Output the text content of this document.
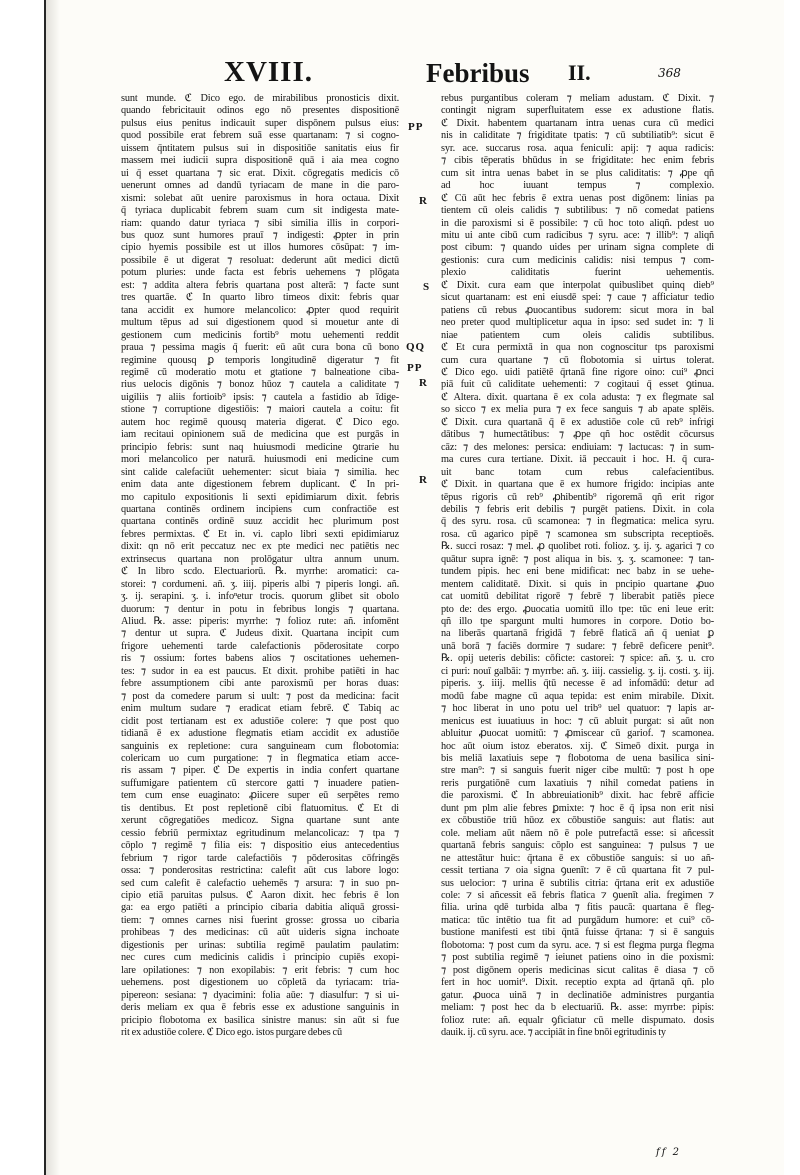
XVIII.	Febribus II.	368
sunt munde. ℭ Dico ego. de mirabilibus pronosticis dixit.
quando febricitauit odinos ego nō presentes dispositionē
pulsus eius penitus indicauit super dispōnem pulsus eius:
quod possibile erat febrem suā esse quartanam: ⁊ si cogno-
uissem q̄ntitatem pulsus sui in dispositiōe sanitatis eius fir
massem mei iudicii supra dispositionē quā i aia mea cogno
ui q̄ esset quartana ⁊ sic erat. Dixit. cōgregatis medicis cō
uenerunt omnes ad dandū tyriacam de mane in die paro-
xismi: solebat aūt uenire paroxismus in hora octaua. Dixit
q̄ tyriaca duplicabit febrem suam cum sit indigesta mate-
riam: quando datur tyriaca ⁊ sibi similia illis in corpori-
bus quoz sunt humores prauī ⁊ indigesti: ꝓpter in prin
cipio hyemis possibile est ut illos humores cōsūpat: ⁊ im-
possibile ē ut digerat ⁊ resoluat: dederunt aūt medici dictū
potum pluries: unde facta est febris uehemens ⁊ plōgata
est: ⁊ addita altera febris quartana post alterā: ⁊ facte sunt
tres quartāe. ℭ In quarto libro timeos dixit: febris quar
tana accidit ex humore melancolico: ꝓpter quod requirit
multum tēpus ad sui digestionem quod si mouetur ante di
gestionem cum medicinis fortib⁹ motu uehementi reddit
praua ⁊ pessima magis q̄ fuerit: eū aūt cura bona cū bono
regimine quousq ꝑ temporis longitudinē digeratur ⁊ fit
regimē cū moderatio motu et gtatione ⁊ balneatione ciba-
rius uelocis digōnis ⁊ bonoz hūoz ⁊ cautela a caliditate ⁊
uigiliis ⁊ aliis fortioib⁹ ipsis: ⁊ cautela a fastidio ab īdige-
stione ⁊ corruptione digestiōis: ⁊ maiori cautela a coitu: fit
autem hoc regimē quousq materia digerat. ℭ Dico ego.
iam recitaui opinionem suā de medicina que est purgās in
principio febris: sunt naq huiusmodi medicine ꝯtrarie hu
mori melancolico per naturā. huiusmodi eni medicine cum
sint calide calefaciūt uehementer: sicut biaia ⁊ similia. hec
enim data ante digestionem febrem duplicant. ℭ In pri-
mo capitulo expositionis li sexti epidimiarum dixit. febris
quartana continēs ordinem incipiens cum confractiōe est
quartana continēs ordinē suuz accidit hec plurimum post
febres permixtas. ℭ Et in. vi. caplo libri sexti epidimiaruz
dixit: qn nō erit peccatuz nec ex pte medici nec patiētis nec
extrinsecus quartana non prolōgatur ultra annum unum.
ℭ In libro scdo. Electuariorū. ℞. myrrhe: aromatici: ca-
storei: ⁊ cordumeni. añ. ʒ. iiij. piperis albi ⁊ piperis longi. añ.
ʒ. ij. serapini. ʒ. i. infoⁿetur trocis. quorum glibet sit obolo
duorum: ⁊ dentur in potu in febribus longis ⁊ quartana.
Aliud. ℞. asse: piperis: myrrhe: ⁊ folioz rute: añ. infomēnt
⁊ dentur ut supra. ℭ Judeus dixit. Quartana incipit cum
frigore uehementi tarde calefactionis pōderositate corpo
ris ⁊ ossium: fortes babens alios ⁊ oscitationes uehemen-
tes: ⁊ sudor in ea est paucus. Et dixit. prohibe patiēti in hac
febre assumptionem cibi ante paroxismū per horas duas:
⁊ post da comedere parum si uult: ⁊ post da medicina: facit
enim multum sudare ⁊ eradicat etiam febrē. ℭ Tabiq ac
cidit post tertianam est ex adustiōe colere: ⁊ que post quo
tidianā ē ex adustione flegmatis etiam accidit ex adustiōe
sanguinis ex repletione: cura sanguineam cum flobotomia:
colericam uo cum purgatione: ⁊ in flegmatica etiam acce-
ris assam ⁊ piper. ℭ De expertis in india confert quartane
suffumigare patientem cū stercore gatti ⁊ inuadere patien-
tem cum ense euaginato: ꝓiicere super eū serpētes remo
tis dentibus. Et post repletionē cibi flatuomitus. ℭ Et di
xerunt cōgregatiōes medicoz. Signa quartane sunt ante
cessio febriū permixtaz egritudinum melancolicaz: ⁊ tpa ⁊
cōplo ⁊ regimē ⁊ filia eis: ⁊ dispositio eius antecedentius
febrium ⁊ rigor tarde calefactiōis ⁊ pōderositas cōfringēs
ossa: ⁊ ponderositas restrictina: calefit aūt cus labore logo:
sed cum calefit ē calefactio uehemēs ⁊ arsura: ⁊ in suo pn-
cipio etiā paruitas pulsus. ℭ Aaron dixit. hec febris ē lon
ga: ea ergo patiēti a principio cibaria dabitia aliquā grossi-
tiem: ⁊ omnes carnes nisi fuerint grosse: grossa uo cibaria
prohibeas ⁊ des medicinas: cū aūt uideris signa inchoate
digestionis per urinas: subtilia regimē paulatim paulatim:
nec cures cum medicinis calidis i principio cupiēs exopi-
lare opilationes: ⁊ non exopilabis: ⁊ erit febris: ⁊ cum hoc
uehemens. post digestionem uo cōpletā da tyriacam: tria-
pipereon: sesiana: ⁊ dyacimini: folia aūe: ⁊ diasulfur: ⁊ si ui-
deris meliam ex qua ē febris esse ex adustione sanguinis in
pricipio flobotoma ex basilica sinistre manus: sin aūt si fue
rit ex adustiōe colere. ℭ Dico ego. istos purgare debes cū
rebus purgantibus coleram ⁊ meliam adustam. ℭ Dixit. ⁊
contingit nigram superfluitatem esse ex adustione flatis.
ℭ Dixit. habentem quartanam intra uenas cura cū medici
nis in caliditate ⁊ frigiditate tpatis: ⁊ cū subtiliatib⁹: sicut ē
syr. ace. succarus rosa. aqua feniculi: apij: ⁊ aqua radicis:
⁊ cibis tēperatis bhūdus in se frigiditate: hec enim febris
cum sit intra uenas babet in se plus caliditatis: ⁊ ꝓpe qñ
ad hoc iuuant tempus ⁊ complexio.
ℭ Cū aūt hec febris ē extra uenas post digōnem: linias pa
tientem cū oleis calidis ⁊ subtilibus: ⁊ nō comedat patiens
in die paroxismi si ē possibile: ⁊ cū hoc toto aliqñ. pdest uo
mitu ui ante cibū cum radicibus ⁊ syru. ace: ⁊ illib⁹: ⁊ aliqñ
post cibum: ⁊ quando uides per urinam signa complete di
gestionis: cura cum medicinis calidis: nisi tempus ⁊ com-
plexio caliditatis fuerint uehementis.
ℭ Dixit. cura eam que interpolat quibuslibet quinq dieb⁹
sicut quartanam: est eni eiusdē spei: ⁊ caue ⁊ afficiatur tedio
patiens cū rebus ꝓuocantibus sudorem: sicut mora in bal
neo preter quod multiplicetur aqua in ipso: sed sudet in: ⁊ li
niae patientem cum oleis calidis subtilibus.
ℭ Et cura permixtā in qua non cognoscitur tps paroxismi
cum cura quartane ⁊ cū flobotomia si uirtus tolerat.
ℭ Dico ego. uidi patiētē q̄rtanā fine rigore oino: cui⁹ ꝓnci
piā fuit cū caliditate uehementi: ⁊ cogitaui q̄ esset ꝯtinua.
ℭ Altera. dixit. quartana ē ex cola adusta: ⁊ ex flegmate sal
so sicco ⁊ ex melia pura ⁊ ex fece sanguis ⁊ ab apate splēis.
ℭ Dixit. cura quartanā q̄ ē ex adustiōe cole cū reb⁹ infrigi
dātibus ⁊ humectātibus: ⁊ ꝓpe qñ hoc ostēdit cōcursus
cāz: ⁊ des melones: persica: endiuiam: ⁊ lactucas: ⁊ in sum-
ma cures cura tertiane. Dixit. iā peccauit i hoc. H. q̄ cura-
uit banc totam cum rebus calefacientibus.
ℭ Dixit. in quartana que ē ex humore frigido: incipias ante
tēpus rigoris cū reb⁹ ꝓhibentib⁹ rigoremā qñ erit rigor
debilis ⁊ febris erit debilis ⁊ purgēt patiens. Dixit. in cola
q̄ des syru. rosa. cū scamonea: ⁊ in flegmatica: melica syru.
rosa. cū agarico pipē ⁊ scamonea sm subscripta receptioēs.
℞. succi rosaz: ⁊ mel. ꝓ quolibet roti. folioz. ʒ. ij. ʒ. agarici ⁊ co
quātur supra ignē: ⁊ post aliqua in bis. ʒ. ʒ. scamonee: ⁊ tan-
tundem pipis. hec eni bene midificat: nec babz in se uehe-
mentem caliditatē. Dixit. si quis in pncipio quartane ꝓuo
cat uomitū debilitat rigorē ⁊ febrē ⁊ liberabit patiēs piece
pto de: des ergo. ꝓuocatia uomitū illo tpe: tūc eni leue erit:
qñ illo tpe spargunt multi humores in corpore. Dotio bo-
na liberās quartanā frigidā ⁊ febrē flaticā añ q̄ ueniat ꝑ
unā borā ⁊ faciēs dormire ⁊ sudare: ⁊ febrē deficere penit⁹.
℞. opij ueteris debilis: cōficte: castorei: ⁊ spice: añ. ʒ. u. cro
ci puri: nouī galbāi: ⁊ myrrbe: añ. ʒ. iiij. cassielig. ʒ. ij. costi. ʒ. iij.
piperis. ʒ. iiij. mellis q̄tū necesse ē ad infomādū: detur ad
modū fabe magne cū aqua tepida: est enim mirabile. Dixit.
⁊ hoc liberat in uno potu uel trib⁹ uel quatuor: ⁊ lapis ar-
menicus est iuuatiuus in hoc: ⁊ cū abluit purgat: si aūt non
abluitur ꝓuocat uomitū: ⁊ ꝓmiscear cū gariof. ⁊ scamonea.
hoc aūt oium istoz eberatos. xij. ℭ Simeō dixit. purga in
bis meliā laxatiuis sepe ⁊ flobotoma de uena basilica sini-
stre man⁹: ⁊ si sanguis fuerit niger cibe multū: ⁊ post h ope
reris purgatiōnē cum laxatiuis ⁊ nihil comedat patiens in
die paroxismi. ℭ In abbreuiationib⁹ dixit. hac febrē afficie
dunt pm plm alie febres ꝑmixte: ⁊ hoc ē q̄ ipsa non erit nisi
ex cōbustiōe triū hūoz ex cōbustiōe sanguis: aut flatis: aut
cole. meliam aūt nāem nō ē pole putrefactā esse: si añcessit
quartanā febris sanguis: cōplo est sanguinea: ⁊ pulsus ⁊ ue
ne attestātur huic: q̄rtana ē ex cōbustiōe sanguis: si uo añ-
cessit tertiana ⁊ oia signa ꝯuenīt: ⁊ ē cū quartana fit ⁊ pul-
sus uelocior: ⁊ urina ē subtilis citria: q̄rtana erit ex adustiōe
cole: ⁊ si añcessit eā febris flatica ⁊ ꝯuenīt alia. fregimen ⁊
filia. urina qdē turbida alba ⁊ fitis paucā: quartana ē fleg-
matica: tūc intētio tua fit ad purgādum humore: et cui⁹ cō-
bustione manifesti est tibi q̄ntā fuisse q̄rtana: ⁊ si ē sanguis
flobotoma: ⁊ post cum da syru. ace. ⁊ si est flegma purga flegma
⁊ post subtilia regimē ⁊ ieiunet patiens oino in die poxismi:
⁊ post digōnem operis medicinas sicut calitas ē diasa ⁊ cō
fert in hoc uomit⁹. Dixit. receptio expta ad q̄rtanā qñ. plo
gatur. ꝓuoca uinā ⁊ in declinatiōe administres purgantia
meliam: ⁊ post hec da b electuariū. ℞. asse: myrrbe: pipis:
folioz rute: añ. equalr ꝯficiatur cū melle dispumato. dosis
dauik. ij. cū syru. ace. ⁊ accipiāt in fine bnōi egritudinis ty
PP
R
S
QQ
PP
R
R
ff 2
